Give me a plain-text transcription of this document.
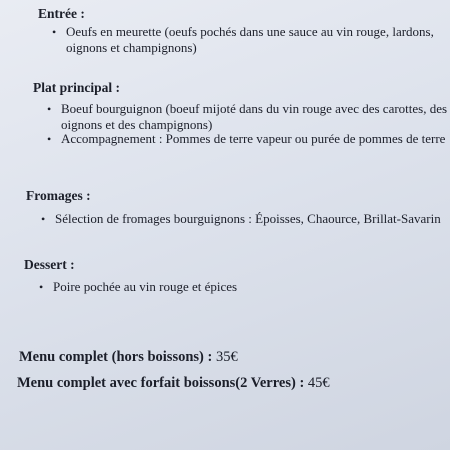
Entrée :
• Oeufs en meurette (oeufs pochés dans une sauce au vin rouge, lardons, oignons et champignons)
Plat principal :
• Boeuf bourguignon (boeuf mijoté dans du vin rouge avec des carottes, des oignons et des champignons)
• Accompagnement : Pommes de terre vapeur ou purée de pommes de terre
Fromages :
• Sélection de fromages bourguignons : Époisses, Chaource, Brillat-Savarin
Dessert :
• Poire pochée au vin rouge et épices
Menu complet (hors boissons) : 35€
Menu complet avec forfait boissons(2 Verres) : 45€
